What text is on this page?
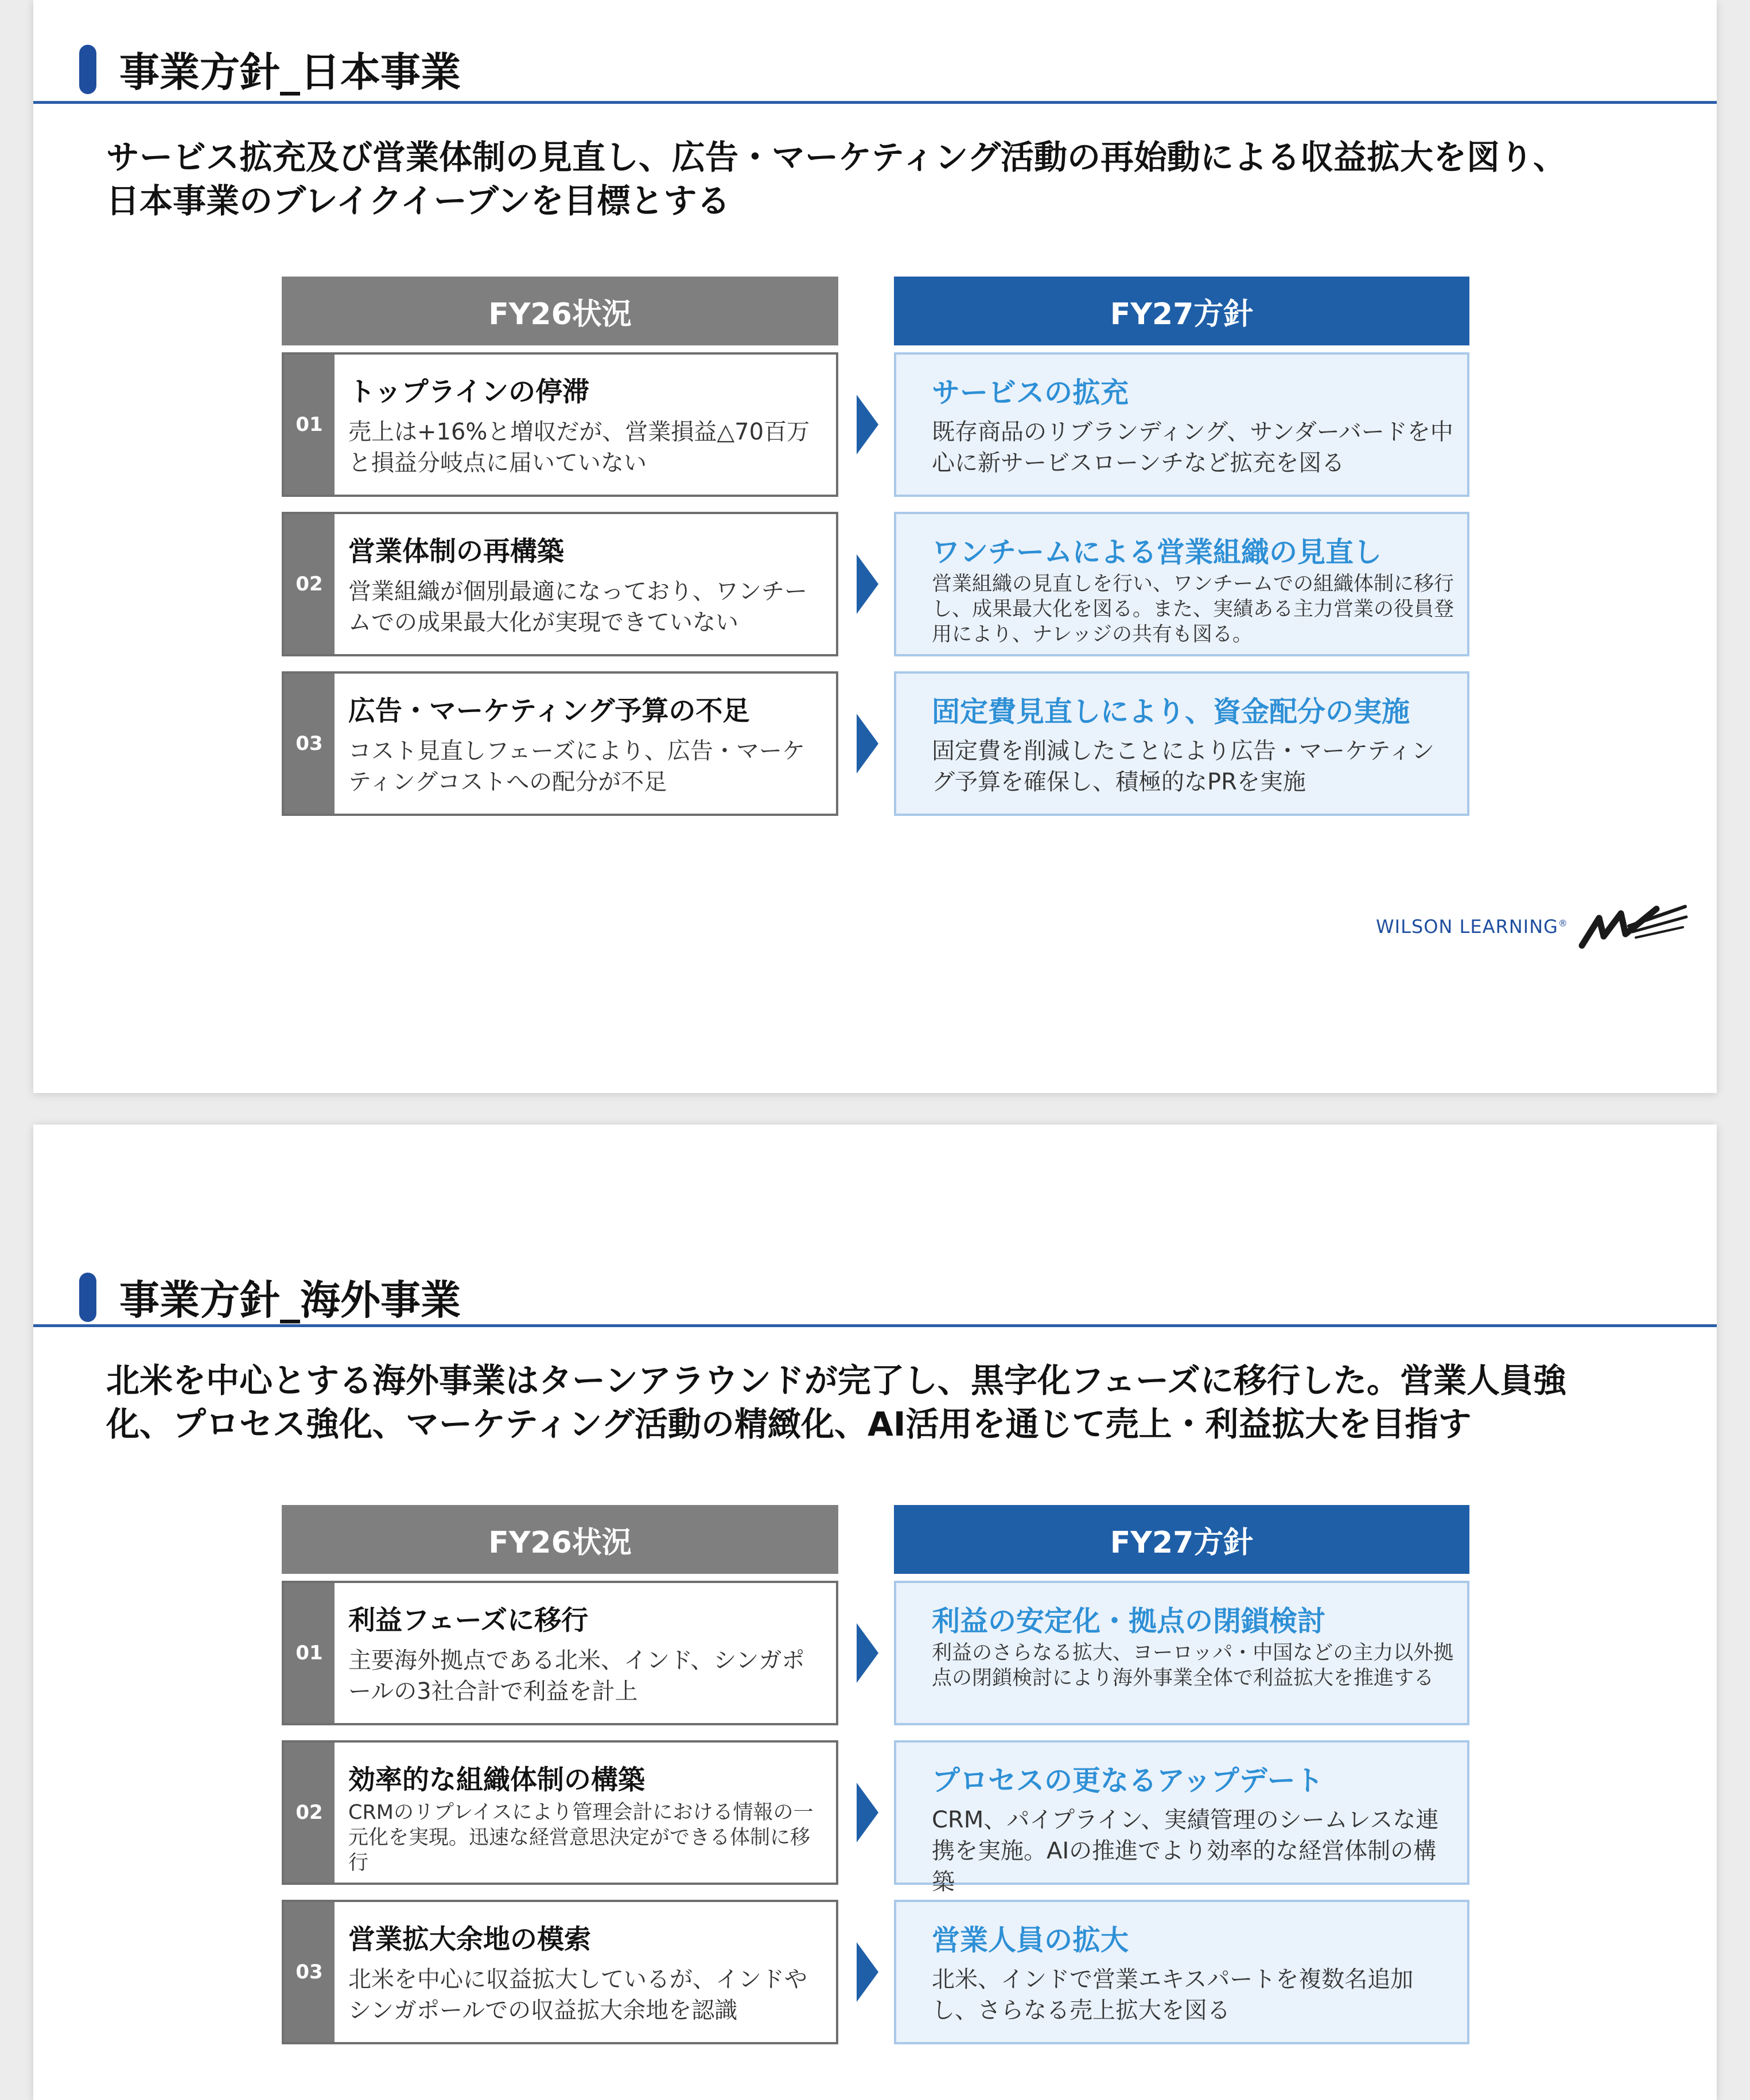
事業方針_日本事業
サービス拡充及び営業体制の見直し、広告・マーケティング活動の再始動による収益拡大を図り、
日本事業のブレイクイーブンを目標とする
FY26状況	FY27方針
01
トップラインの停滞
売上は+16%と増収だが、営業損益△70百万と損益分岐点に届いていない
サービスの拡充
既存商品のリブランディング、サンダーバードを中心に新サービスローンチなど拡充を図る
02
営業体制の再構築
営業組織が個別最適になっており、ワンチームでの成果最大化が実現できていない
ワンチームによる営業組織の見直し
営業組織の見直しを行い、ワンチームでの組織体制に移行し、成果最大化を図る。また、実績ある主力営業の役員登用により、ナレッジの共有も図る。
03
広告・マーケティング予算の不足
コスト見直しフェーズにより、広告・マーケティングコストへの配分が不足
固定費見直しにより、資金配分の実施
固定費を削減したことにより広告・マーケティング予算を確保し、積極的なPRを実施
WILSON LEARNING®
事業方針_海外事業
北米を中心とする海外事業はターンアラウンドが完了し、黒字化フェーズに移行した。営業人員強
化、プロセス強化、マーケティング活動の精緻化、AI活用を通じて売上・利益拡大を目指す
FY26状況	FY27方針
01
利益フェーズに移行
主要海外拠点である北米、インド、シンガポールの3社合計で利益を計上
利益の安定化・拠点の閉鎖検討
利益のさらなる拡大、ヨーロッパ・中国などの主力以外拠点の閉鎖検討により海外事業全体で利益拡大を推進する
02
効率的な組織体制の構築
CRMのリプレイスにより管理会計における情報の一元化を実現。迅速な経営意思決定ができる体制に移行
プロセスの更なるアップデート
CRM、パイプライン、実績管理のシームレスな連携を実施。AIの推進でより効率的な経営体制の構築
03
営業拡大余地の模索
北米を中心に収益拡大しているが、インドやシンガポールでの収益拡大余地を認識
営業人員の拡大
北米、インドで営業エキスパートを複数名追加し、さらなる売上拡大を図る
